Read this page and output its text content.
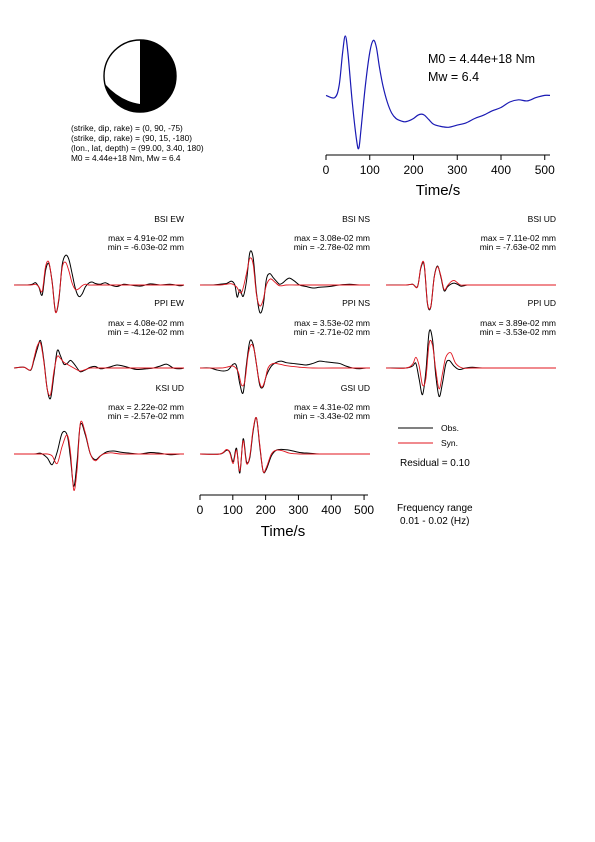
(strike, dip, rake) = (0, 90, -75)
(strike, dip, rake) = (90, 15, -180)
(lon., lat, depth) = (99.00, 3.40, 180)
M0 = 4.44e+18 Nm, Mw = 6.4
M0 = 4.44e+18 Nm
Mw = 6.4
0	100 200 300 400 500
Time/s
BSI EW
max = 4.91e-02 mm
min = -6.03e-02 mm
BSI NS
max = 3.08e-02 mm
min = -2.78e-02 mm
BSI UD
max = 7.11e-02 mm
min = -7.63e-02 mm
PPI EW
max = 4.08e-02 mm
min = -4.12e-02 mm
PPI NS
max = 3.53e-02 mm
min = -2.71e-02 mm
PPI UD
max = 3.89e-02 mm
min = -3.53e-02 mm
KSI UD
max = 2.22e-02 mm
min = -2.57e-02 mm
GSI UD
max = 4.31e-02 mm
min = -3.43e-02 mm
0 100 200 300 400 500
Time/s
Obs.
Syn.
Residual = 0.10
Frequency range
0.01 - 0.02 (Hz)
